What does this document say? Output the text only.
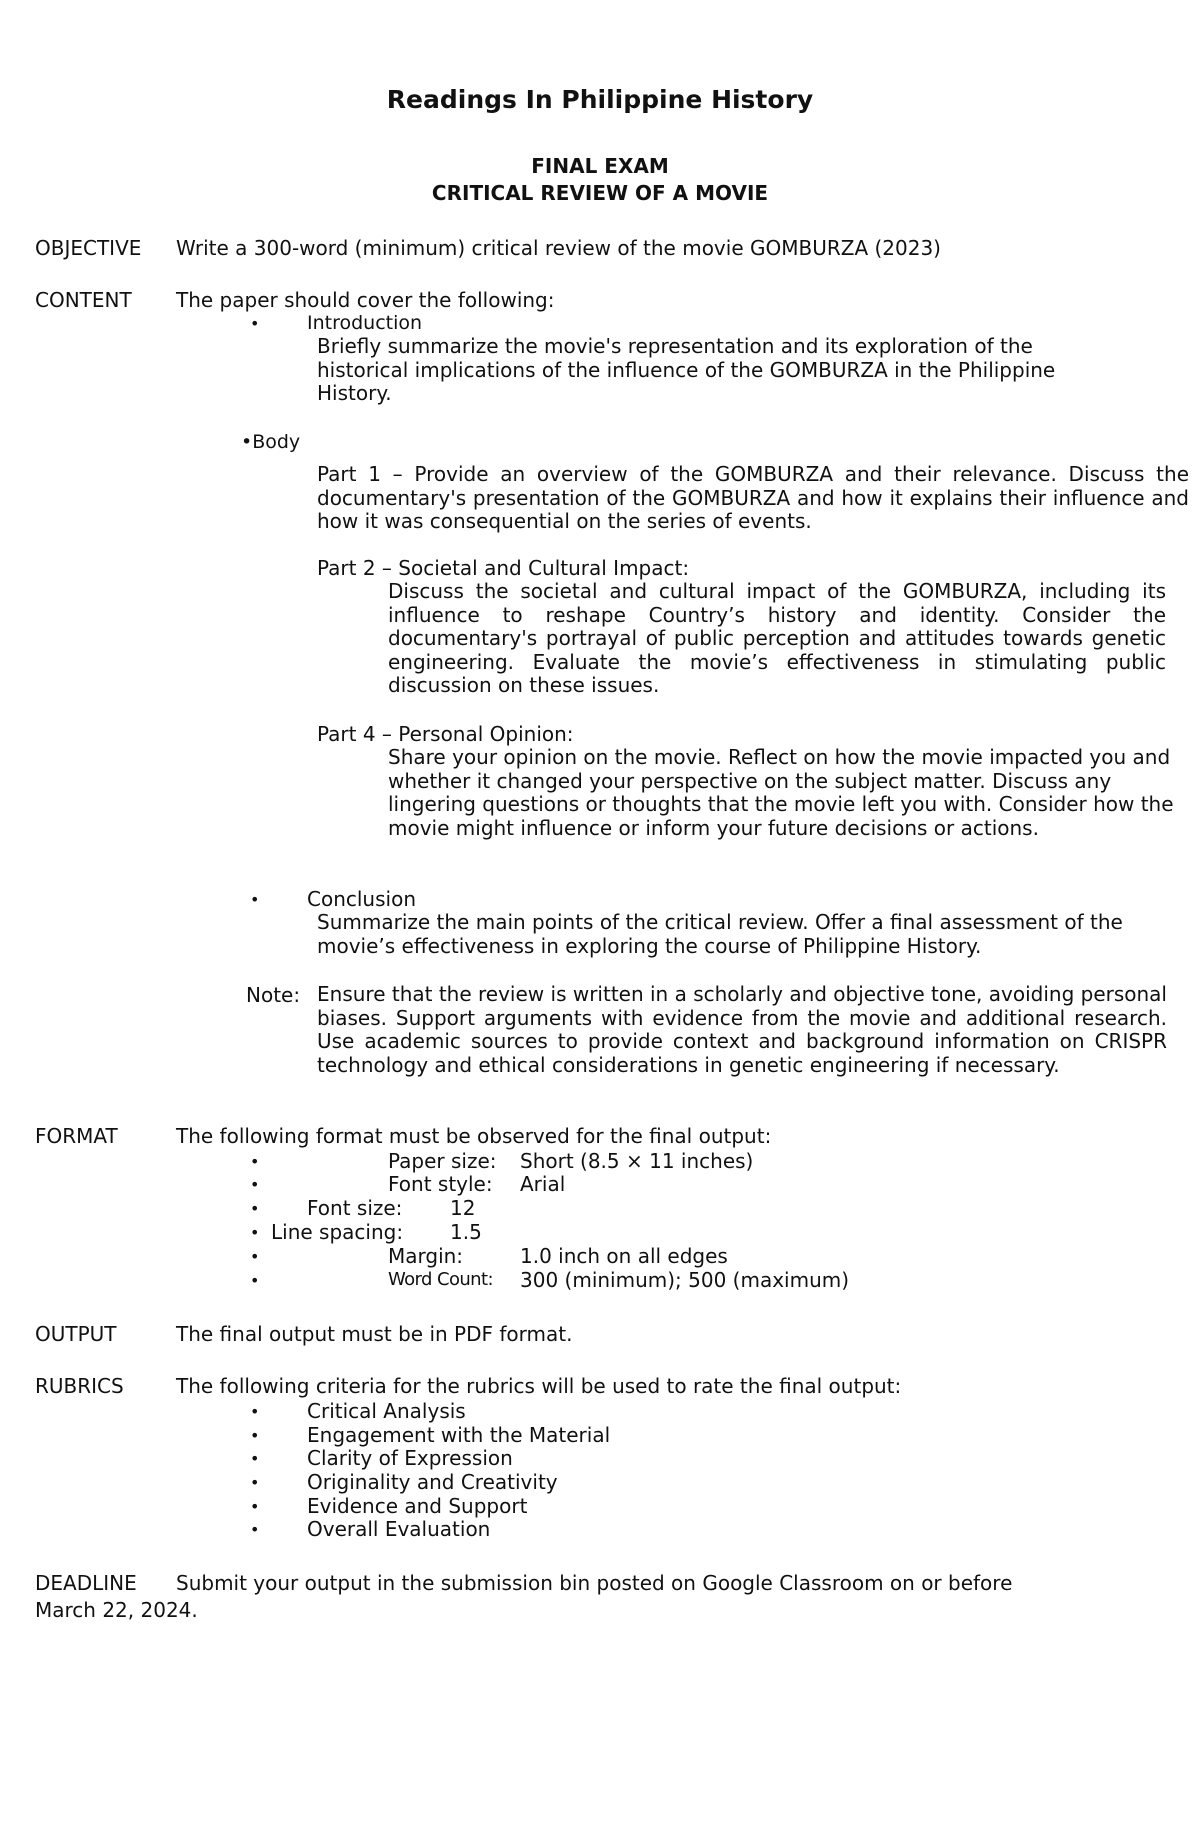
Readings In Philippine History
FINAL EXAM
CRITICAL REVIEW OF A MOVIE
OBJECTIVE Write a 300-word (minimum) critical review of the movie GOMBURZA (2023)
CONTENT The paper should cover the following:
•	Introduction
Briefly summarize the movie's representation and its exploration of the historical implications of the influence of the GOMBURZA in the Philippine History.
•Body
Part 1 – Provide an overview of the GOMBURZA and their relevance. Discuss the documentary's presentation of the GOMBURZA and how it explains their influence and how it was consequential on the series of events.
Part 2 – Societal and Cultural Impact:
Discuss the societal and cultural impact of the GOMBURZA, including its influence to reshape Country’s history and identity. Consider the documentary's portrayal of public perception and attitudes towards genetic engineering. Evaluate the movie’s effectiveness in stimulating public discussion on these issues.
Part 4 – Personal Opinion:
Share your opinion on the movie. Reflect on how the movie impacted you and whether it changed your perspective on the subject matter. Discuss any lingering questions or thoughts that the movie left you with. Consider how the movie might influence or inform your future decisions or actions.
• Conclusion
Summarize the main points of the critical review. Offer a final assessment of the movie’s effectiveness in exploring the course of Philippine History.
Note: Ensure that the review is written in a scholarly and objective tone, avoiding personal biases. Support arguments with evidence from the movie and additional research. Use academic sources to provide context and background information on CRISPR technology and ethical considerations in genetic engineering if necessary.
FORMAT	The following format must be observed for the final output:
•	Paper size: Short (8.5 × 11 inches)
•	Font style: Arial
• Font size: 12
• Line spacing: 1.5
•	Margin:	1.0 inch on all edges
•	Word Count: 300 (minimum); 500 (maximum)
OUTPUT	The final output must be in PDF format.
RUBRICS	The following criteria for the rubrics will be used to rate the final output:
• Critical Analysis
• Engagement with the Material
• Clarity of Expression
• Originality and Creativity
• Evidence and Support
• Overall Evaluation
DEADLINE Submit your output in the submission bin posted on Google Classroom on or before
March 22, 2024.
